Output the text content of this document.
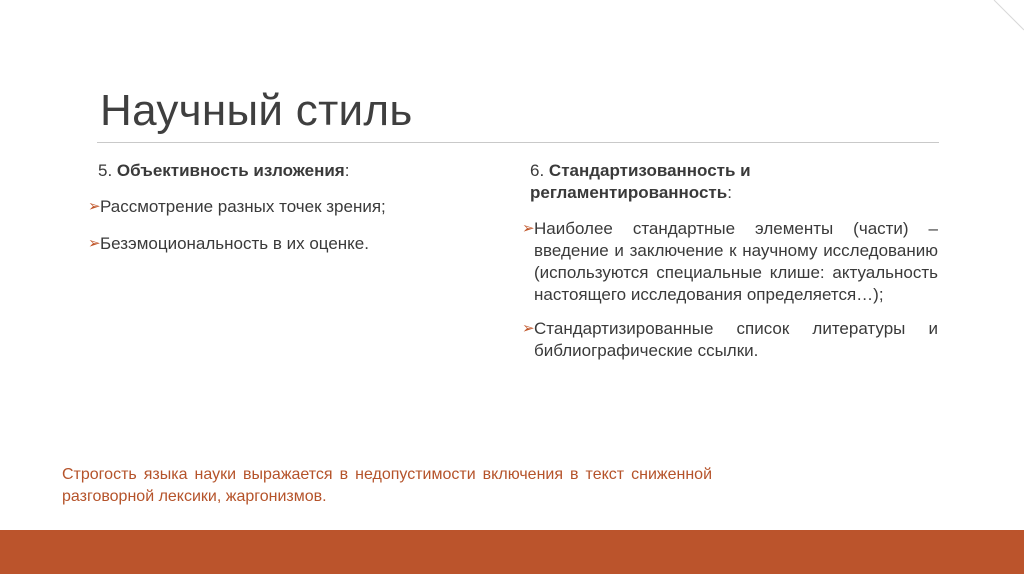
Научный стиль

5. Объективность изложения:

➢ Рассмотрение разных точек зрения;
➢ Безэмоциональность в их оценке.

6. Стандартизованность и регламентированность:

➢ Наиболее стандартные элементы (части) – введение и заключение к научному исследованию (используются специальные клише: актуальность настоящего исследования определяется…);
➢ Стандартизированные список литературы и библиографические ссылки.
Строгость языка науки выражается в недопустимости включения в текст сниженной разговорной лексики, жаргонизмов.
